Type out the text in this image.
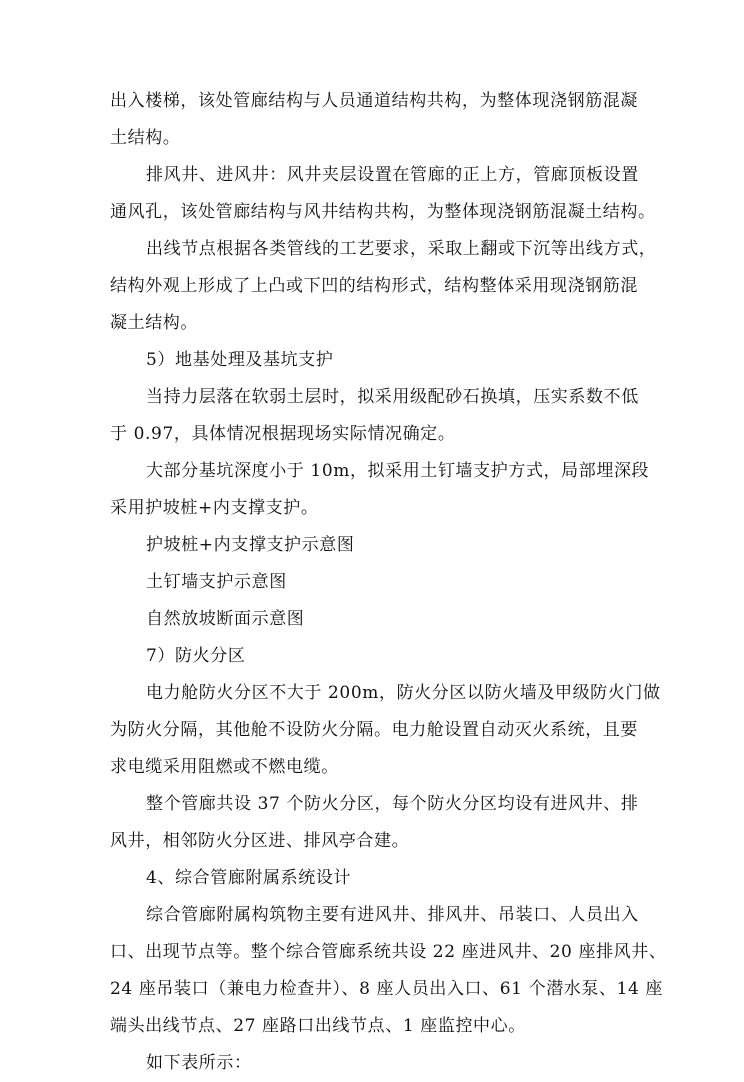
出入楼梯，该处管廊结构与人员通道结构共构，为整体现浇钢筋混凝
土结构。
排风井、进风井：风井夹层设置在管廊的正上方，管廊顶板设置
通风孔，该处管廊结构与风井结构共构，为整体现浇钢筋混凝土结构。
出线节点根据各类管线的工艺要求，采取上翻或下沉等出线方式，
结构外观上形成了上凸或下凹的结构形式，结构整体采用现浇钢筋混
凝土结构。
5）地基处理及基坑支护
当持力层落在软弱土层时，拟采用级配砂石换填，压实系数不低
于 0.97，具体情况根据现场实际情况确定。
大部分基坑深度小于 10m，拟采用土钉墙支护方式，局部埋深段
采用护坡桩+内支撑支护。
护坡桩+内支撑支护示意图
土钉墙支护示意图
自然放坡断面示意图
7）防火分区
电力舱防火分区不大于 200m，防火分区以防火墙及甲级防火门做
为防火分隔，其他舱不设防火分隔。电力舱设置自动灭火系统，且要
求电缆采用阻燃或不燃电缆。
整个管廊共设 37 个防火分区，每个防火分区均设有进风井、排
风井，相邻防火分区进、排风亭合建。
4、综合管廊附属系统设计
综合管廊附属构筑物主要有进风井、排风井、吊装口、人员出入
口、出现节点等。整个综合管廊系统共设 22 座进风井、20 座排风井、
24 座吊装口（兼电力检查井）、8 座人员出入口、61 个潜水泵、14 座
端头出线节点、27 座路口出线节点、1 座监控中心。
如下表所示：
